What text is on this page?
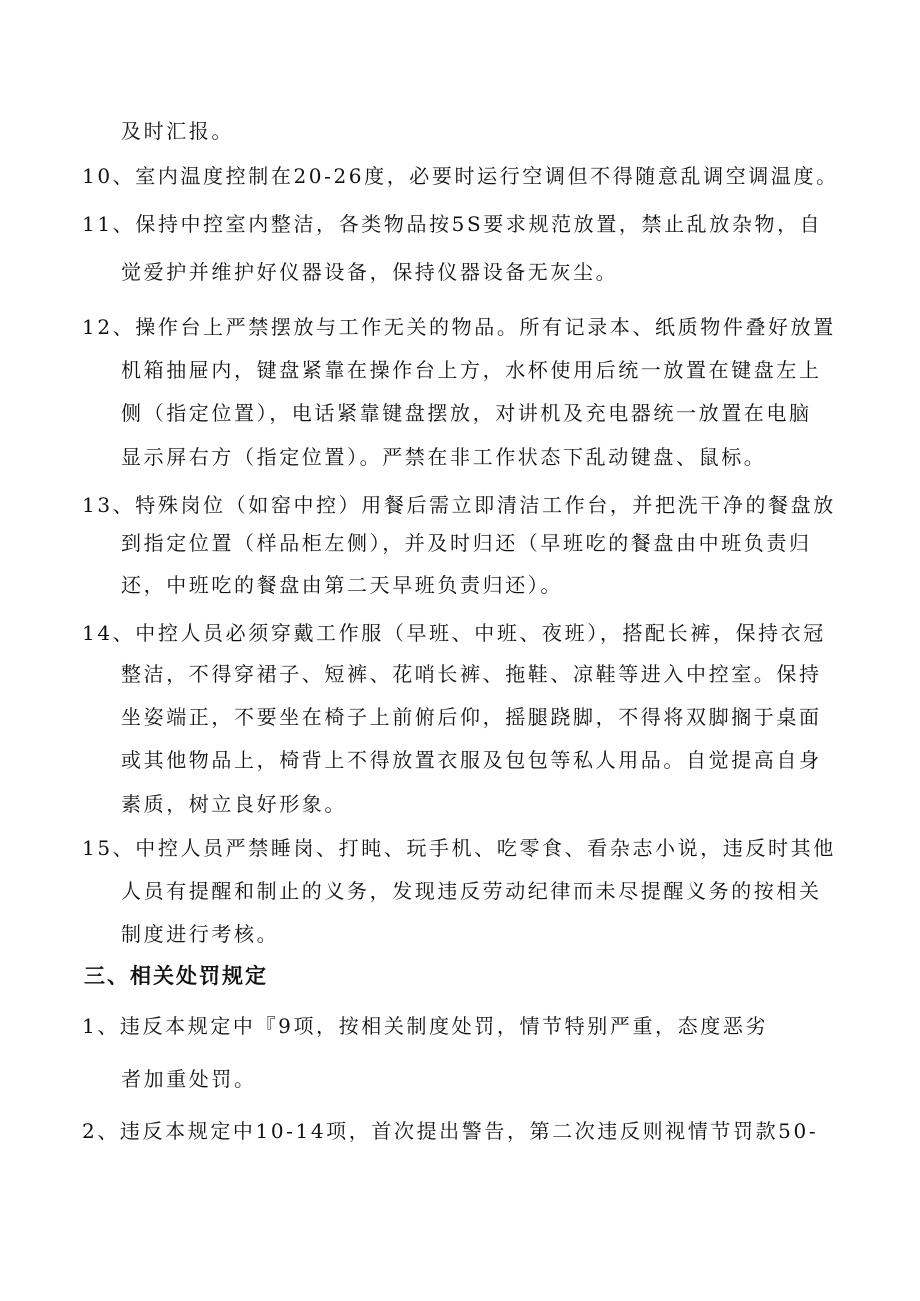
及时汇报。
10、室内温度控制在20-26度，必要时运行空调但不得随意乱调空调温度。
11、保持中控室内整洁，各类物品按5S要求规范放置，禁止乱放杂物，自
觉爱护并维护好仪器设备，保持仪器设备无灰尘。
12、操作台上严禁摆放与工作无关的物品。所有记录本、纸质物件叠好放置
机箱抽屉内，键盘紧靠在操作台上方，水杯使用后统一放置在键盘左上
侧（指定位置），电话紧靠键盘摆放，对讲机及充电器统一放置在电脑
显示屏右方（指定位置）。严禁在非工作状态下乱动键盘、鼠标。
13、特殊岗位（如窑中控）用餐后需立即清洁工作台，并把洗干净的餐盘放
到指定位置（样品柜左侧），并及时归还（早班吃的餐盘由中班负责归
还，中班吃的餐盘由第二天早班负责归还）。
14、中控人员必须穿戴工作服（早班、中班、夜班），搭配长裤，保持衣冠
整洁，不得穿裙子、短裤、花哨长裤、拖鞋、凉鞋等进入中控室。保持
坐姿端正，不要坐在椅子上前俯后仰，摇腿跷脚，不得将双脚搁于桌面
或其他物品上，椅背上不得放置衣服及包包等私人用品。自觉提高自身
素质，树立良好形象。
15、中控人员严禁睡岗、打盹、玩手机、吃零食、看杂志小说，违反时其他
人员有提醒和制止的义务，发现违反劳动纪律而未尽提醒义务的按相关
制度进行考核。
三、相关处罚规定
1、违反本规定中『9项，按相关制度处罚，情节特别严重，态度恶劣
者加重处罚。
2、违反本规定中10-14项，首次提出警告，第二次违反则视情节罚款50-
